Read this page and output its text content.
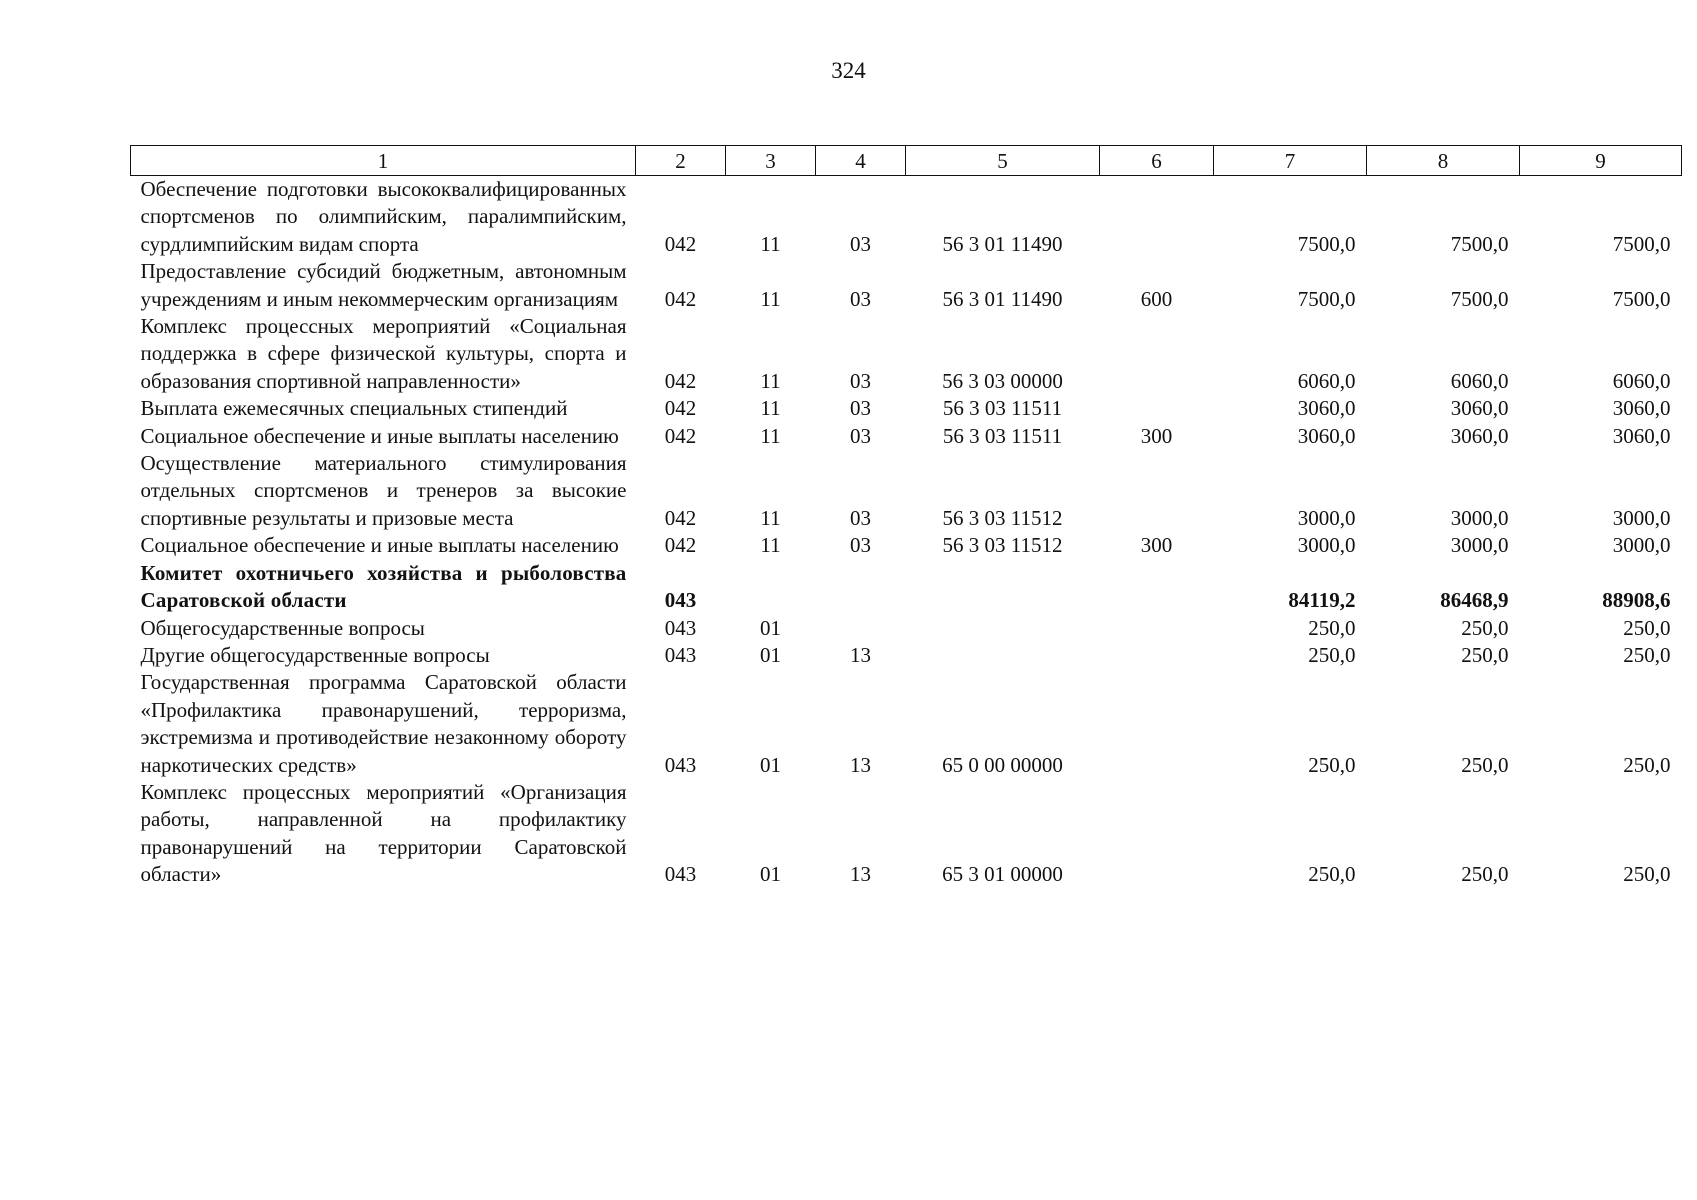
324
1	2	3	4	5	6	7	8	9
Обеспечение подготовки высококвалифицированных спортсменов по олимпийским, паралимпийским, сурдлимпийским видам спорта	042	11	03	56 3 01 11490		7500,0	7500,0	7500,0
Предоставление субсидий бюджетным, автономным учреждениям и иным некоммерческим организациям	042	11	03	56 3 01 11490	600	7500,0	7500,0	7500,0
Комплекс процессных мероприятий «Социальная поддержка в сфере физической культуры, спорта и образования спортивной направленности»	042	11	03	56 3 03 00000		6060,0	6060,0	6060,0
Выплата ежемесячных специальных стипендий	042	11	03	56 3 03 11511		3060,0	3060,0	3060,0
Социальное обеспечение и иные выплаты населению	042	11	03	56 3 03 11511	300	3060,0	3060,0	3060,0
Осуществление материального стимулирования отдельных спортсменов и тренеров за высокие спортивные результаты и призовые места	042	11	03	56 3 03 11512		3000,0	3000,0	3000,0
Социальное обеспечение и иные выплаты населению	042	11	03	56 3 03 11512	300	3000,0	3000,0	3000,0
Комитет охотничьего хозяйства и рыболовства Саратовской области	043					84119,2	86468,9	88908,6
Общегосударственные вопросы	043	01				250,0	250,0	250,0
Другие общегосударственные вопросы	043	01	13			250,0	250,0	250,0
Государственная программа Саратовской области «Профилактика правонарушений, терроризма, экстремизма и противодействие незаконному обороту наркотических средств»	043	01	13	65 0 00 00000		250,0	250,0	250,0
Комплекс процессных мероприятий «Организация работы, направленной на профилактику правонарушений на территории Саратовской области»	043	01	13	65 3 01 00000		250,0	250,0	250,0
